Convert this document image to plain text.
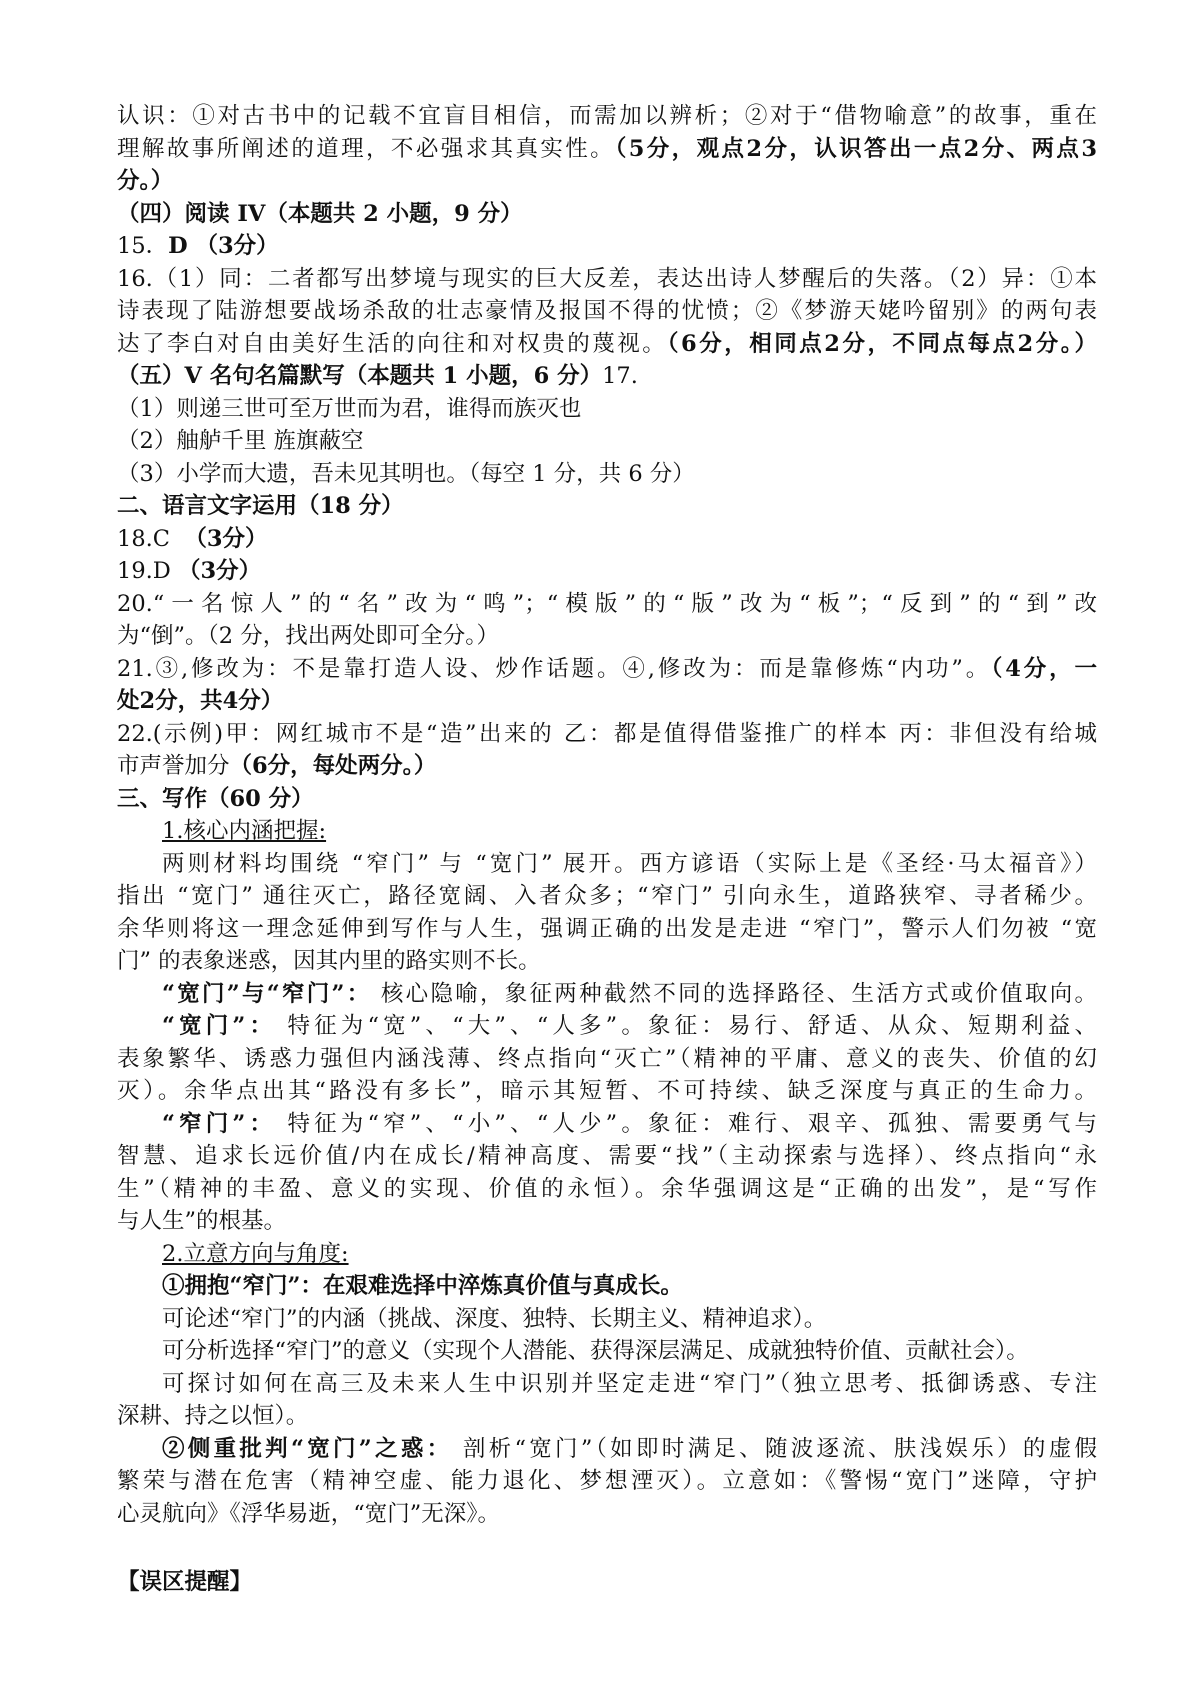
认识：①对古书中的记载不宜盲目相信，而需加以辨析；②对于“借物喻意”的故事，重在

理解故事所阐述的道理，不必强求其真实性。（5分，观点2分，认识答出一点2分、两点3

分。）

（四）阅读 IV（本题共 2 小题，9 分）

15．D （3分）

16.（1）同：二者都写出梦境与现实的巨大反差，表达出诗人梦醒后的失落。（2）异：①本

诗表现了陆游想要战场杀敌的壮志豪情及报国不得的忧愤；②《梦游天姥吟留别》的两句表

达了李白对自由美好生活的向往和对权贵的蔑视。（6分，相同点2分，不同点每点2分。）

（五）V 名句名篇默写（本题共 1 小题，6 分）17.

（1）则递三世可至万世而为君，谁得而族灭也

（2）舳舻千里 旌旗蔽空

（3）小学而大遗，吾未见其明也。（每空 1 分，共 6 分）

二、语言文字运用（18 分）

18.C  （3分）

19.D （3分）

20.“一名惊人”的“名”改为“鸣”；“模版”的“版”改为“板”；“反到”的“到”改

为“倒”。（2 分，找出两处即可全分。）

21.③,修改为：不是靠打造人设、炒作话题。④,修改为：而是靠修炼“内功”。（4分，一

处2分，共4分）

22.(示例)甲：网红城市不是“造”出来的 乙：都是值得借鉴推广的样本 丙：非但没有给城

市声誉加分（6分，每处两分。）

三、写作（60 分）

1.核心内涵把握:

两则材料均围绕 “窄门” 与 “宽门” 展开。西方谚语（实际上是《圣经·马太福音》）

指出 “宽门” 通往灭亡，路径宽阔、入者众多；“窄门” 引向永生，道路狭窄、寻者稀少。

余华则将这一理念延伸到写作与人生，强调正确的出发是走进 “窄门”，警示人们勿被 “宽

门” 的表象迷惑，因其内里的路实则不长。

“宽门”与“窄门”： 核心隐喻，象征两种截然不同的选择路径、生活方式或价值取向。

“宽门”： 特征为“宽”、“大”、“人多”。象征：易行、舒适、从众、短期利益、

表象繁华、诱惑力强但内涵浅薄、终点指向“灭亡”（精神的平庸、意义的丧失、价值的幻

灭）。余华点出其“路没有多长”，暗示其短暂、不可持续、缺乏深度与真正的生命力。

“窄门”： 特征为“窄”、“小”、“人少”。象征：难行、艰辛、孤独、需要勇气与

智慧、追求长远价值/内在成长/精神高度、需要“找”（主动探索与选择）、终点指向“永

生”（精神的丰盈、意义的实现、价值的永恒）。余华强调这是“正确的出发”，是“写作

与人生”的根基。

2.立意方向与角度:

①拥抱“窄门”：在艰难选择中淬炼真价值与真成长。

可论述“窄门”的内涵（挑战、深度、独特、长期主义、精神追求）。

可分析选择“窄门”的意义（实现个人潜能、获得深层满足、成就独特价值、贡献社会）。

可探讨如何在高三及未来人生中识别并坚定走进“窄门”（独立思考、抵御诱惑、专注

深耕、持之以恒）。

②侧重批判“宽门”之惑： 剖析“宽门”（如即时满足、随波逐流、肤浅娱乐）的虚假

繁荣与潜在危害（精神空虚、能力退化、梦想湮灭）。立意如：《警惕“宽门”迷障，守护

心灵航向》《浮华易逝，“宽门”无深》。

【误区提醒】
